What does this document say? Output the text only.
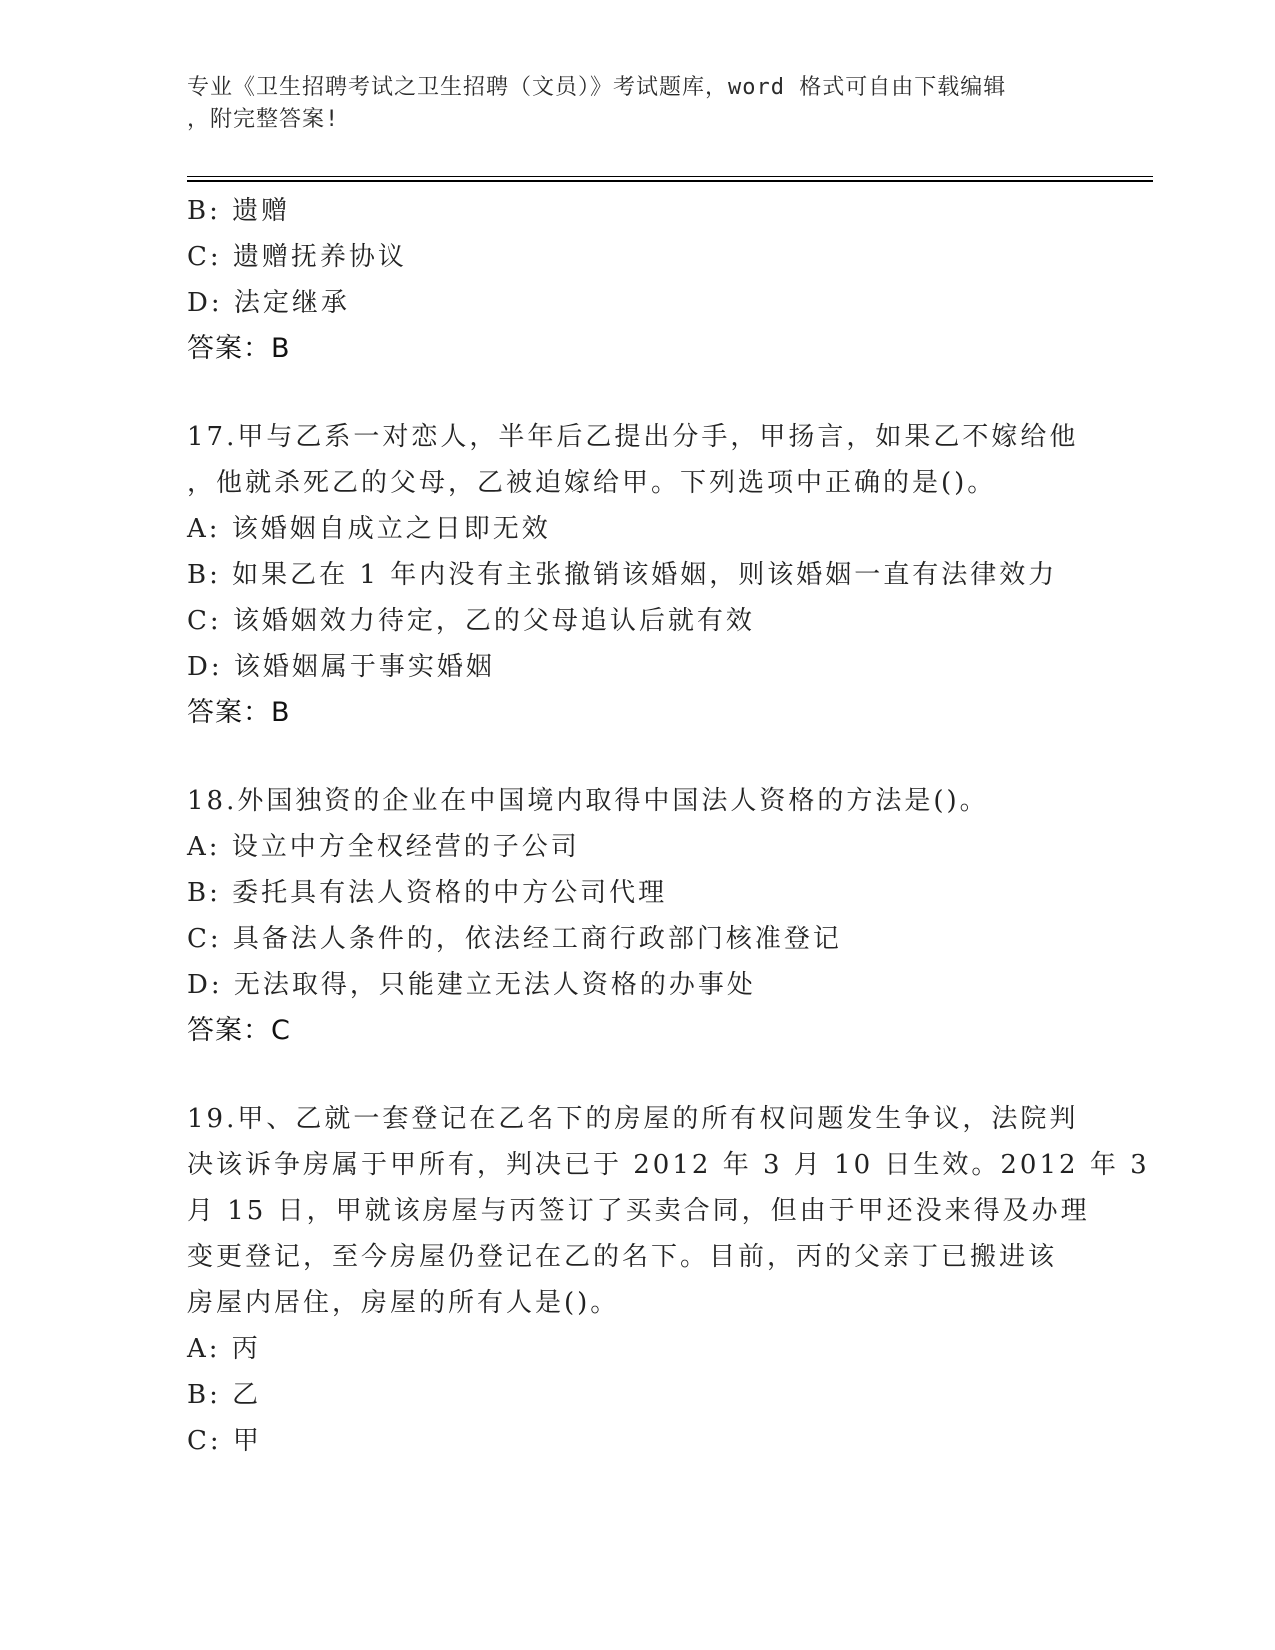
专业《卫生招聘考试之卫生招聘（文员）》考试题库，word 格式可自由下载编辑
，附完整答案!
B: 遗赠
C: 遗赠抚养协议
D: 法定继承
答案：B
17.甲与乙系一对恋人，半年后乙提出分手，甲扬言，如果乙不嫁给他
，他就杀死乙的父母，乙被迫嫁给甲。下列选项中正确的是()。
A: 该婚姻自成立之日即无效
B: 如果乙在 1 年内没有主张撤销该婚姻，则该婚姻一直有法律效力
C: 该婚姻效力待定，乙的父母追认后就有效
D: 该婚姻属于事实婚姻
答案：B
18.外国独资的企业在中国境内取得中国法人资格的方法是()。
A: 设立中方全权经营的子公司
B: 委托具有法人资格的中方公司代理
C: 具备法人条件的，依法经工商行政部门核准登记
D: 无法取得，只能建立无法人资格的办事处
答案：C
19.甲、乙就一套登记在乙名下的房屋的所有权问题发生争议，法院判
决该诉争房属于甲所有，判决已于 2012 年 3 月 10 日生效。2012 年 3
月 15 日，甲就该房屋与丙签订了买卖合同，但由于甲还没来得及办理
变更登记，至今房屋仍登记在乙的名下。目前，丙的父亲丁已搬进该
房屋内居住，房屋的所有人是()。
A: 丙
B: 乙
C: 甲
